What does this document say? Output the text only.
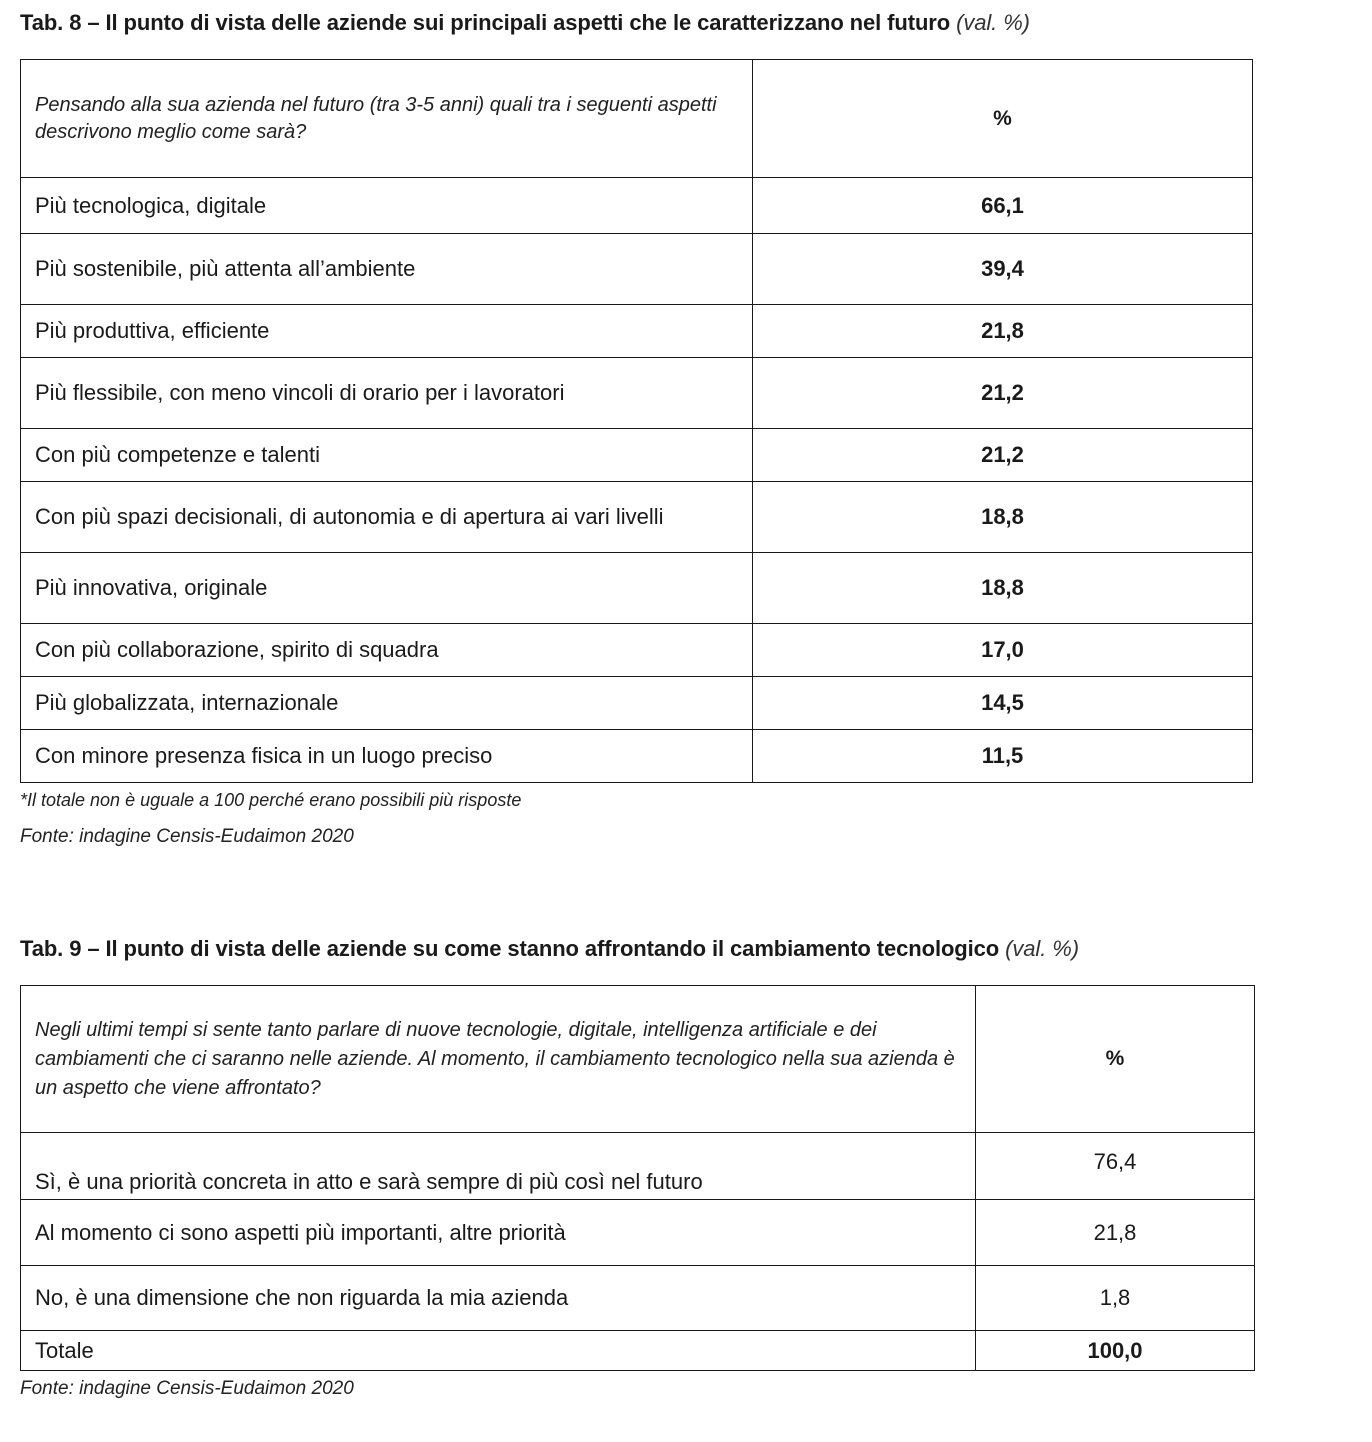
Tab. 8 – Il punto di vista delle aziende sui principali aspetti che le caratterizzano nel futuro (val. %)
Pensando alla sua azienda nel futuro (tra 3-5 anni) quali tra i seguenti aspetti descrivono meglio come sarà?	%
Più tecnologica, digitale	66,1
Più sostenibile, più attenta all’ambiente	39,4
Più produttiva, efficiente	21,8
Più flessibile, con meno vincoli di orario per i lavoratori	21,2
Con più competenze e talenti	21,2
Con più spazi decisionali, di autonomia e di apertura ai vari livelli	18,8
Più innovativa, originale	18,8
Con più collaborazione, spirito di squadra	17,0
Più globalizzata, internazionale	14,5
Con minore presenza fisica in un luogo preciso	11,5
*Il totale non è uguale a 100 perché erano possibili più risposte
Fonte: indagine Censis-Eudaimon 2020
Tab. 9 – Il punto di vista delle aziende su come stanno affrontando il cambiamento tecnologico (val. %)
Negli ultimi tempi si sente tanto parlare di nuove tecnologie, digitale, intelligenza artificiale e dei cambiamenti che ci saranno nelle aziende. Al momento, il cambiamento tecnologico nella sua azienda è un aspetto che viene affrontato?	%
Sì, è una priorità concreta in atto e sarà sempre di più così nel futuro	76,4
Al momento ci sono aspetti più importanti, altre priorità	21,8
No, è una dimensione che non riguarda la mia azienda	1,8
Totale	100,0
Fonte: indagine Censis-Eudaimon 2020
